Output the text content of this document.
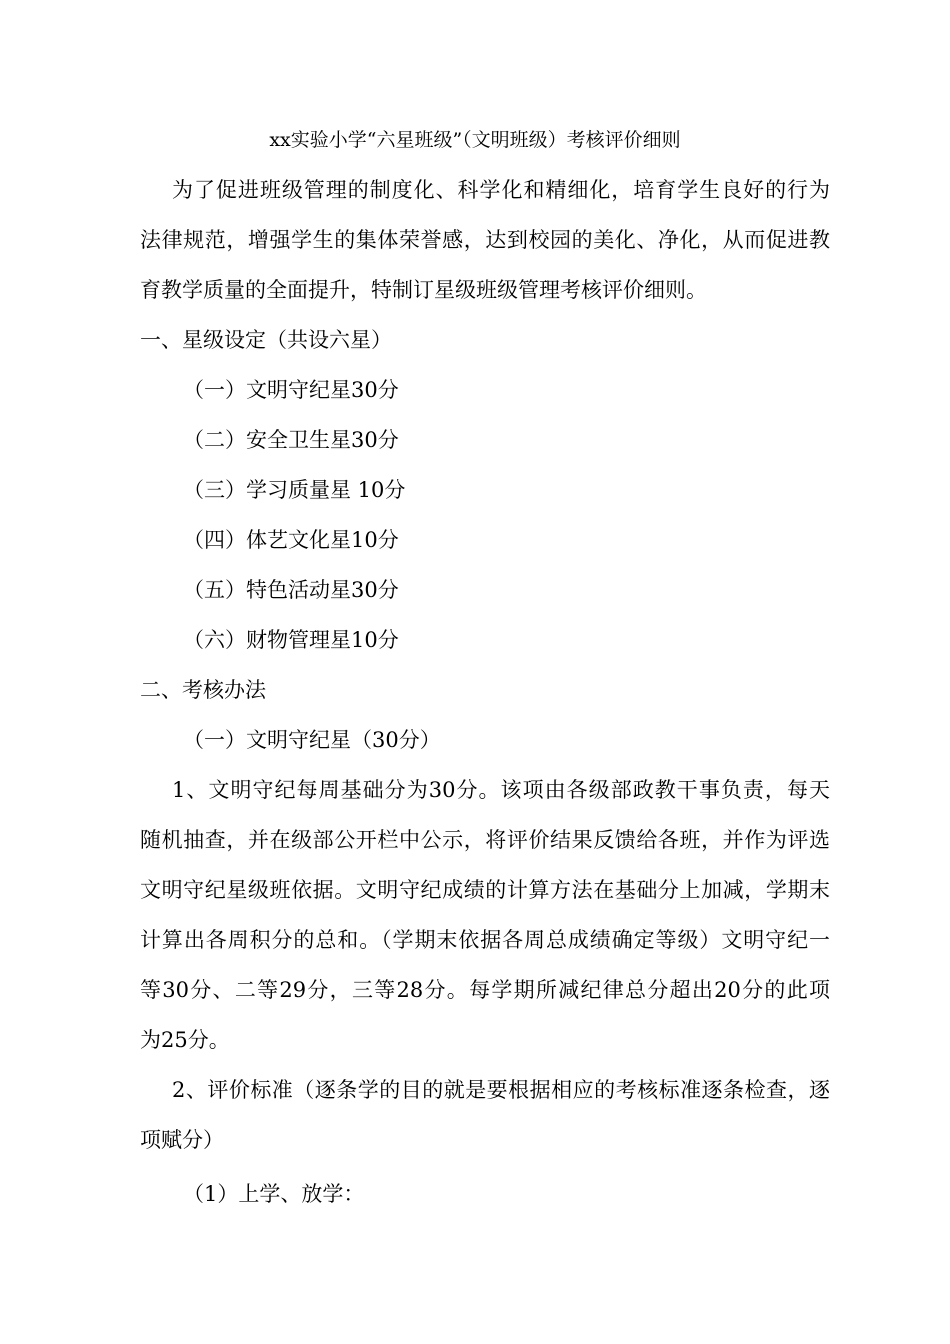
xx实验小学“六星班级”（文明班级）考核评价细则
为了促进班级管理的制度化、科学化和精细化，培育学生良好的行为
法律规范，增强学生的集体荣誉感，达到校园的美化、净化，从而促进教
育教学质量的全面提升，特制订星级班级管理考核评价细则。
一、星级设定（共设六星）
（一）文明守纪星30分
（二）安全卫生星30分
（三）学习质量星 10分
（四）体艺文化星10分
（五）特色活动星30分
（六）财物管理星10分
二、考核办法
（一）文明守纪星（30分）
1、文明守纪每周基础分为30分。该项由各级部政教干事负责，每天
随机抽查，并在级部公开栏中公示，将评价结果反馈给各班，并作为评选
文明守纪星级班依据。文明守纪成绩的计算方法在基础分上加减，学期末
计算出各周积分的总和。（学期末依据各周总成绩确定等级）文明守纪一
等30分、二等29分，三等28分。每学期所减纪律总分超出20分的此项
为25分。
2、评价标准（逐条学的目的就是要根据相应的考核标准逐条检查，逐
项赋分）
（1）上学、放学：
